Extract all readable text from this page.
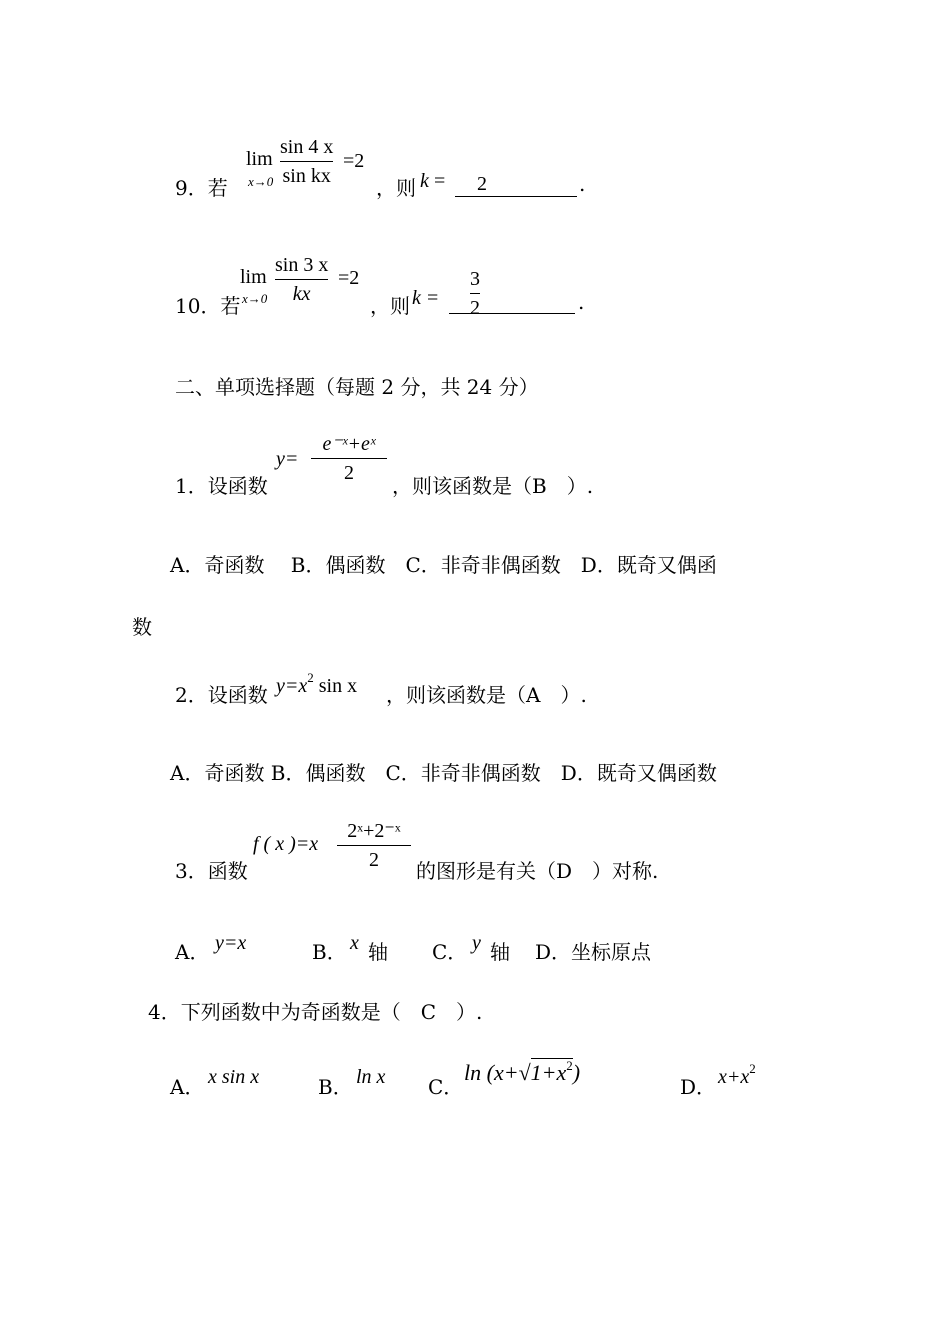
9．若
lim
x→0
sin 4 x
sin kx
=2
，则 k =	2	.
10．若
lim
x→0
sin 3 x
kx
=2
，则 k =
3
2	.
二、单项选择题（每题 2 分，共 24 分）
1．设函数
y=
e⁻ˣ+eˣ
2
，则该函数是（B　）.
A．奇函数　 B．偶函数　C．非奇非偶函数　D．既奇又偶函
数
2．设函数 $y=x^2$ sin x ，则该函数是（A　）.
A．奇函数 B．偶函数　C．非奇非偶函数　D．既奇又偶函数
3．函数
f ( x )=x
2ˣ+2⁻ˣ
2 的图形是有关（D　）对称.
A． y=x	B． x 轴 C． y 轴 D．坐标原点
4．下列函数中为奇函数是（　C　）.
A． x sin x	B． ln x C．
$\ln (x+√1+x^2)$
D． $x+x^2$
